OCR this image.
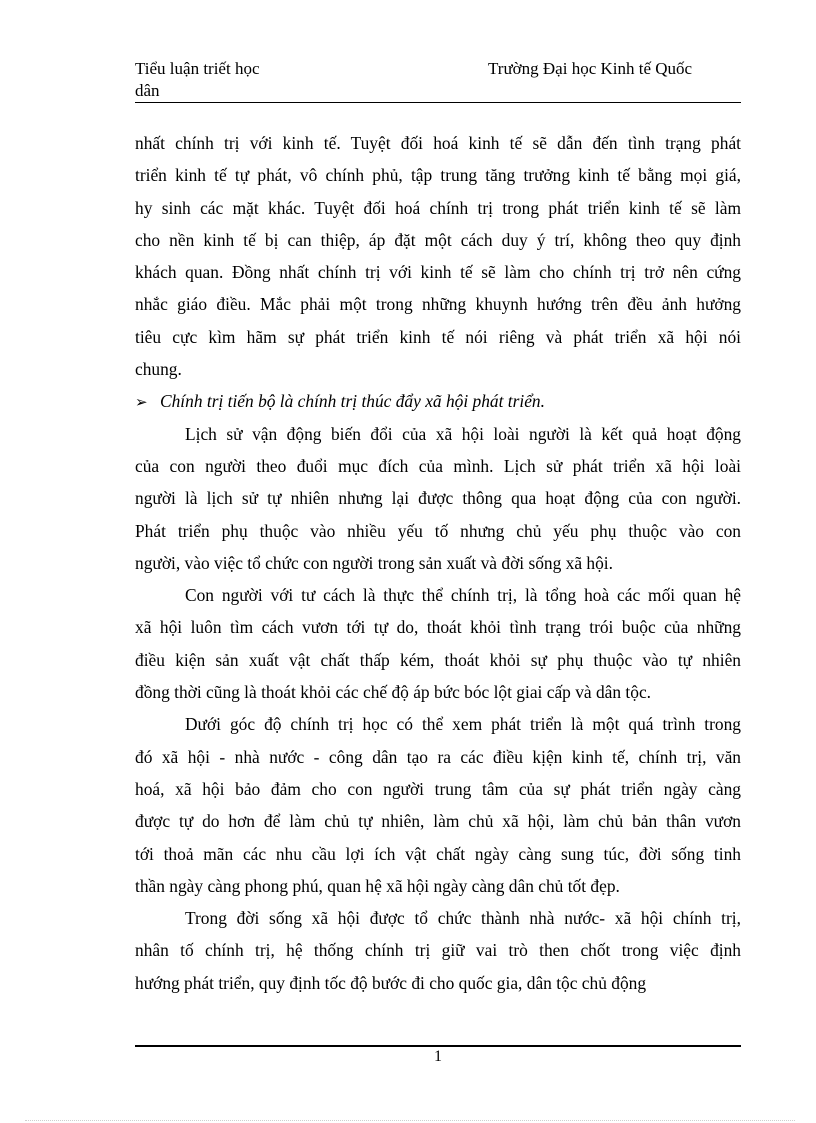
Tiểu luận triết học
dân
Trường Đại học Kinh tế Quốc
nhất chính trị với kinh tế. Tuyệt đối hoá kinh tế sẽ dẫn đến tình trạng phát
triển kinh tế tự phát, vô chính phủ, tập trung tăng trưởng kinh tế bằng mọi giá,
hy sinh các mặt khác. Tuyệt đối hoá chính trị trong phát triển kinh tế sẽ làm
cho nền kinh tế bị can thiệp, áp đặt một cách duy ý trí, không theo quy định
khách quan. Đồng nhất chính trị với kinh tế sẽ làm cho chính trị trở nên cứng
nhắc giáo điều. Mắc phải một trong những khuynh hướng trên đều ảnh hưởng
tiêu cực kìm hãm sự phát triển kinh tế nói riêng và phát triển xã hội nói
chung.
➢ Chính trị tiến bộ là chính trị thúc đẩy xã hội phát triển.
Lịch sử vận động biến đổi của xã hội loài người là kết quả hoạt động
của con người theo đuổi mục đích của mình. Lịch sử phát triển xã hội loài
người là lịch sử tự nhiên nhưng lại được thông qua hoạt động của con người.
Phát triển phụ thuộc vào nhiều yếu tố nhưng chủ yếu phụ thuộc vào con
người, vào việc tổ chức con người trong sản xuất và đời sống xã hội.
Con người với tư cách là thực thể chính trị, là tổng hoà các mối quan hệ
xã hội luôn tìm cách vươn tới tự do, thoát khỏi tình trạng trói buộc của những
điều kiện sản xuất vật chất thấp kém, thoát khỏi sự phụ thuộc vào tự nhiên
đồng thời cũng là thoát khỏi các chế độ áp bức bóc lột giai cấp và dân tộc.
Dưới góc độ chính trị học có thể xem phát triển là một quá trình trong
đó xã hội - nhà nước - công dân tạo ra các điều kịện kinh tế, chính trị, văn
hoá, xã hội bảo đảm cho con người trung tâm của sự phát triển ngày càng
được tự do hơn để làm chủ tự nhiên, làm chủ xã hội, làm chủ bản thân vươn
tới thoả mãn các nhu cầu lợi ích vật chất ngày càng sung túc, đời sống tinh
thần ngày càng phong phú, quan hệ xã hội ngày càng dân chủ tốt đẹp.
Trong đời sống xã hội được tổ chức thành nhà nước- xã hội chính trị,
nhân tố chính trị, hệ thống chính trị giữ vai trò then chốt trong việc định
hướng phát triển, quy định tốc độ bước đi cho quốc gia, dân tộc chủ động
1
